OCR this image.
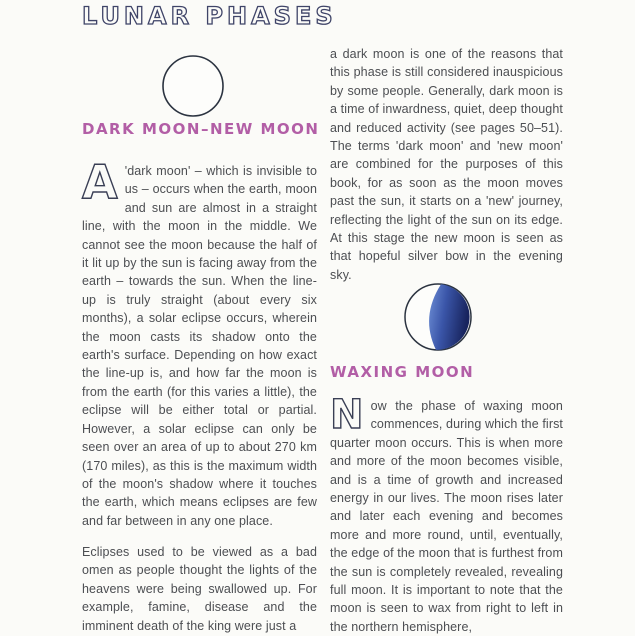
LUNAR PHASES
DARK MOON–NEW MOON
A 'dark moon' – which is invisible to us – occurs when the earth, moon and sun are almost in a straight line, with the moon in the middle. We cannot see the moon because the half of it lit up by the sun is facing away from the earth – towards the sun. When the line-up is truly straight (about every six months), a solar eclipse occurs, wherein the moon casts its shadow onto the earth's surface. Depending on how exact the line-up is, and how far the moon is from the earth (for this varies a little), the eclipse will be either total or partial. However, a solar eclipse can only be seen over an area of up to about 270 km (170 miles), as this is the maximum width of the moon's shadow where it touches the earth, which means eclipses are few and far between in any one place.
Eclipses used to be viewed as a bad omen as people thought the lights of the heavens were being swallowed up. For example, famine, disease and the imminent death of the king were just a
a dark moon is one of the reasons that this phase is still considered inauspicious by some people. Generally, dark moon is a time of inwardness, quiet, deep thought and reduced activity (see pages 50–51). The terms 'dark moon' and 'new moon' are combined for the purposes of this book, for as soon as the moon moves past the sun, it starts on a 'new' journey, reflecting the light of the sun on its edge. At this stage the new moon is seen as that hopeful silver bow in the evening sky.
WAXING MOON
Now the phase of waxing moon commences, during which the first quarter moon occurs. This is when more and more of the moon becomes visible, and is a time of growth and increased energy in our lives. The moon rises later and later each evening and becomes more and more round, until, eventually, the edge of the moon that is furthest from the sun is completely revealed, revealing full moon. It is important to note that the moon is seen to wax from right to left in the northern hemisphere,
